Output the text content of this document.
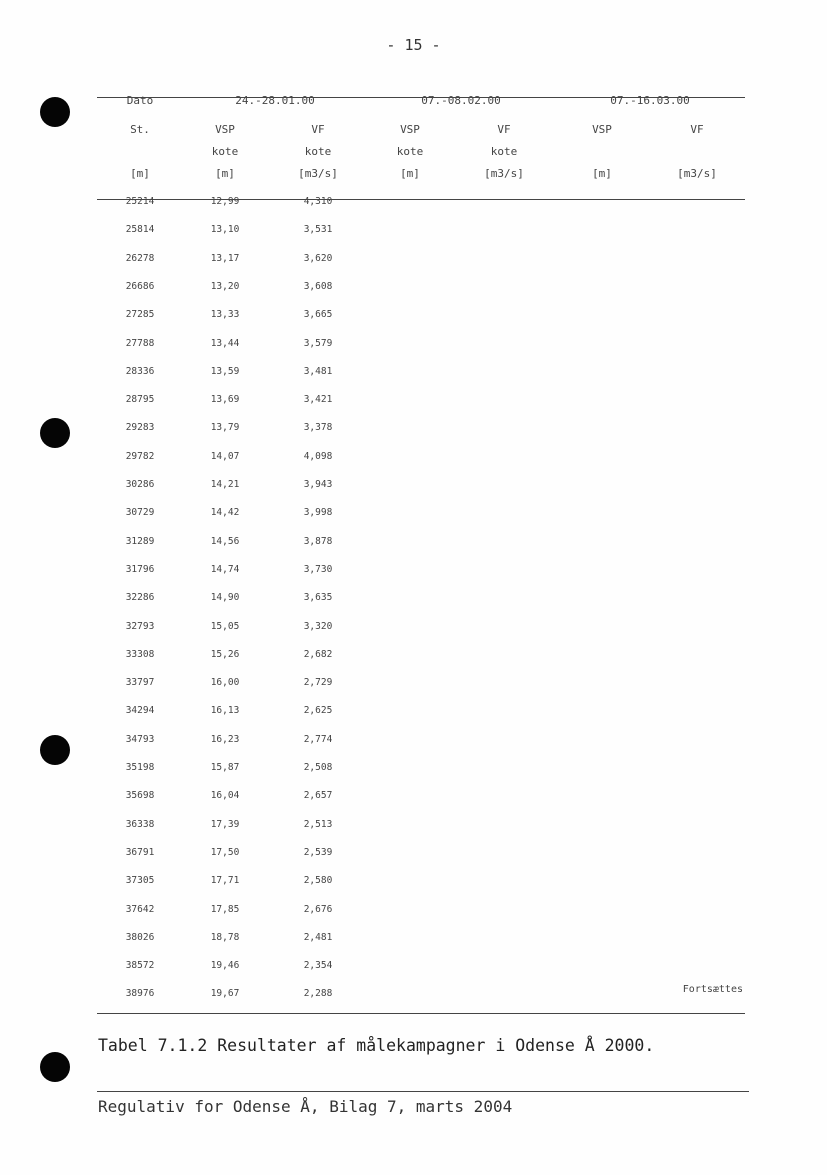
- 15 -
Dato	24.-28.01.00	07.-08.02.00	07.-16.03.00
St.	VSP	VF	VSP	VF	VSP	VF
kote	kote	kote	kote
[m]	[m]	[m3/s]	[m]	[m3/s]	[m]	[m3/s]
25214	12,99	4,310
25814	13,10	3,531
26278	13,17	3,620
26686	13,20	3,608
27285	13,33	3,665
27788	13,44	3,579
28336	13,59	3,481
28795	13,69	3,421
29283	13,79	3,378
29782	14,07	4,098
30286	14,21	3,943
30729	14,42	3,998
31289	14,56	3,878
31796	14,74	3,730
32286	14,90	3,635
32793	15,05	3,320
33308	15,26	2,682
33797	16,00	2,729
34294	16,13	2,625
34793	16,23	2,774
35198	15,87	2,508
35698	16,04	2,657
36338	17,39	2,513
36791	17,50	2,539
37305	17,71	2,580
37642	17,85	2,676
38026	18,78	2,481
38572	19,46	2,354
38976	19,67	2,288	Fortsættes
Tabel 7.1.2 Resultater af målekampagner i Odense Å 2000.
Regulativ for Odense Å, Bilag 7, marts 2004
